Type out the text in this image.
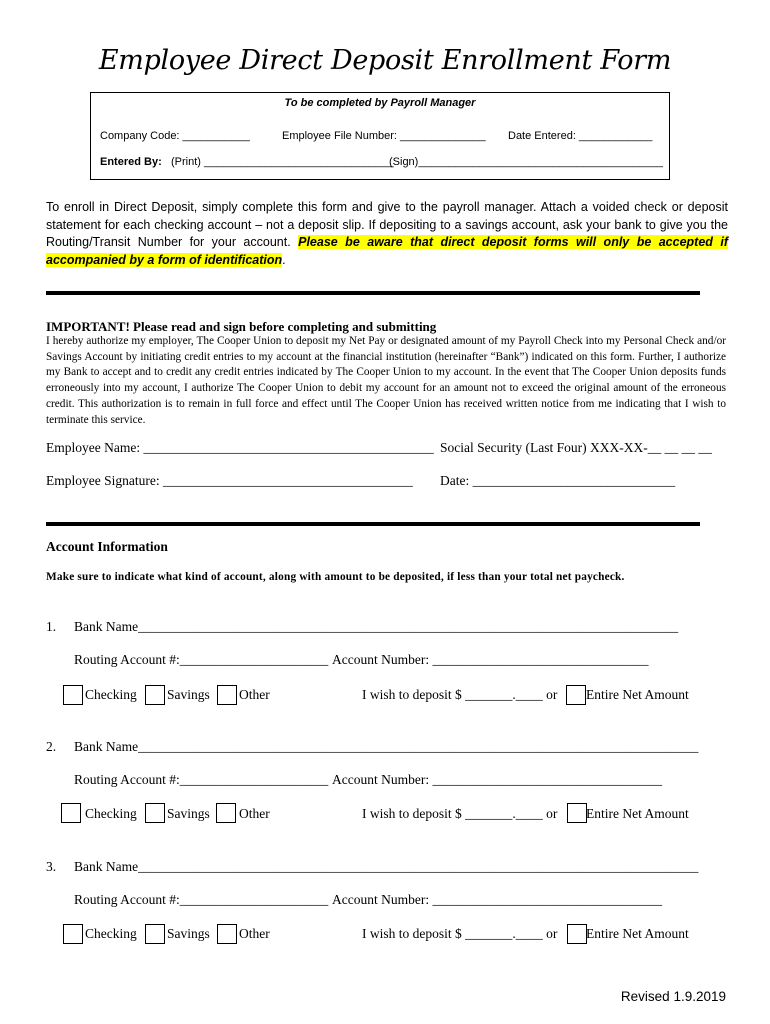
Employee Direct Deposit Enrollment Form
To be completed by Payroll Manager
Company Code: ___________	Employee File Number: ______________ Date Entered: ____________
Entered By: (Print) _______________________________
(Sign)________________________________________
To enroll in Direct Deposit, simply complete this form and give to the payroll manager. Attach a voided check or deposit statement for each checking account – not a deposit slip. If depositing to a savings account, ask your bank to give you the Routing/Transit Number for your account. Please be aware that direct deposit forms will only be accepted if accompanied by a form of identification.
IMPORTANT! Please read and sign before completing and submitting
I hereby authorize my employer, The Cooper Union to deposit my Net Pay or designated amount of my Payroll Check into my Personal Check and/or Savings Account by initiating credit entries to my account at the financial institution (hereinafter “Bank”) indicated on this form. Further, I authorize my Bank to accept and to credit any credit entries indicated by The Cooper Union to my account. In the event that The Cooper Union deposits funds erroneously into my account, I authorize The Cooper Union to debit my account for an amount not to exceed the original amount of the erroneous credit. This authorization is to remain in full force and effect until The Cooper Union has received written notice from me indicating that I wish to terminate this service.
Employee Name: ___________________________________________ Social Security (Last Four) XXX-XX-__ __ __ __
Employee Signature: _____________________________________ Date: ______________________________
Account Information
Make sure to indicate what kind of account, along with amount to be deposited, if less than your total net paycheck.
1. Bank Name________________________________________________________________________________
Routing Account #:______________________ Account Number: ________________________________
Checking Savings Other	I wish to deposit $ _______.____ or Entire Net Amount
2. Bank Name___________________________________________________________________________________
Routing Account #:______________________ Account Number: __________________________________
Checking Savings Other	I wish to deposit $ _______.____ or Entire Net Amount
3. Bank Name___________________________________________________________________________________
Routing Account #:______________________ Account Number: __________________________________
Checking Savings Other	I wish to deposit $ _______.____ or Entire Net Amount
Revised 1.9.2019
